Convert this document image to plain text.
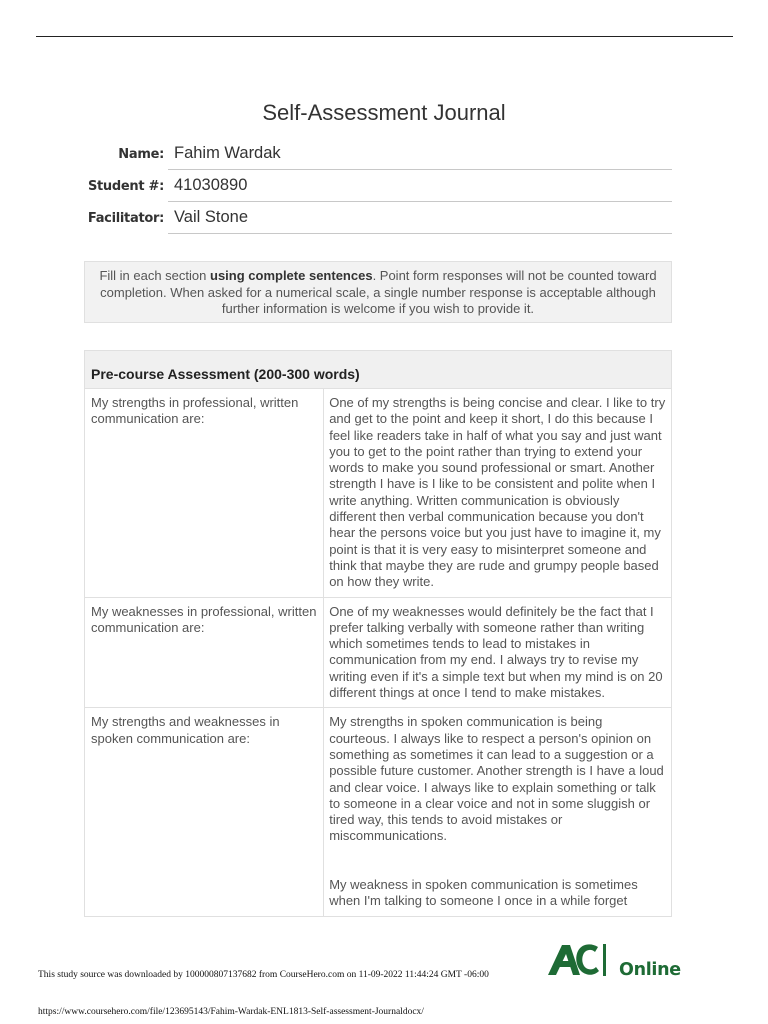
Self-Assessment Journal
Name: Fahim Wardak
Student #: 41030890
Facilitator: Vail Stone
Fill in each section using complete sentences. Point form responses will not be counted toward completion. When asked for a numerical scale, a single number response is acceptable although further information is welcome if you wish to provide it.
Pre-course Assessment (200-300 words)
My strengths in professional, written communication are:

One of my strengths is being concise and clear. I like to try and get to the point and keep it short, I do this because I feel like readers take in half of what you say and just want you to get to the point rather than trying to extend your words to make you sound professional or smart. Another strength I have is I like to be consistent and polite when I write anything. Written communication is obviously different then verbal communication because you don't hear the persons voice but you just have to imagine it, my point is that it is very easy to misinterpret someone and think that maybe they are rude and grumpy people based on how they write.

My weaknesses in professional, written communication are:

One of my weaknesses would definitely be the fact that I prefer talking verbally with someone rather than writing which sometimes tends to lead to mistakes in communication from my end. I always try to revise my writing even if it's a simple text but when my mind is on 20 different things at once I tend to make mistakes.

My strengths and weaknesses in spoken communication are:

My strengths in spoken communication is being courteous. I always like to respect a person's opinion on something as sometimes it can lead to a suggestion or a possible future customer. Another strength is I have a loud and clear voice. I always like to explain something or talk to someone in a clear voice and not in some sluggish or tired way, this tends to avoid mistakes or miscommunications.

My weakness in spoken communication is sometimes when I'm talking to someone I once in a while forget

This study source was downloaded by 100000807137682 from CourseHero.com on 11-09-2022 11:44:24 GMT -06:00	Online
https://www.coursehero.com/file/123695143/Fahim-Wardak-ENL1813-Self-assessment-Journaldocx/
